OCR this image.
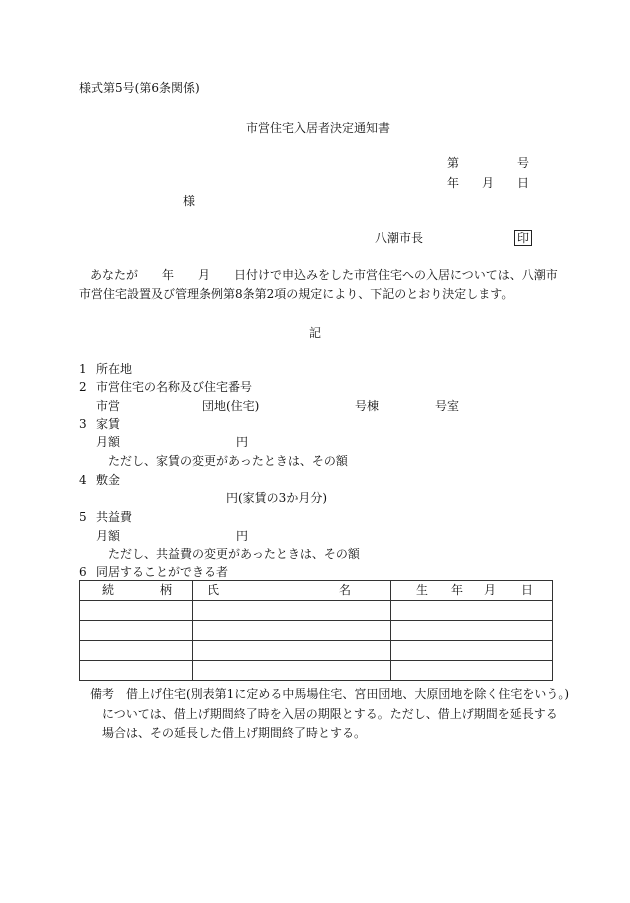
様式第5号(第6条関係)
市営住宅入居者決定通知書
第	号
年 月 日
様
八潮市長	印
あなたが 年 月 日付けで申込みをした市営住宅への入居については、八潮市
市営住宅設置及び管理条例第8条第2項の規定により、下記のとおり決定します。
記
1 所在地
2 市営住宅の名称及び住宅番号
市営	団地(住宅)	号棟	号室
3 家賃
月額	円
ただし、家賃の変更があったときは、その額
4 敷金
円(家賃の3か月分)
5 共益費
月額	円
ただし、共益費の変更があったときは、その額
6 同居することができる者
続 柄	氏 名	生 年 月 日

備考 借上げ住宅(別表第1に定める中馬場住宅、宮田団地、大原団地を除く住宅をいう。)
については、借上げ期間終了時を入居の期限とする。ただし、借上げ期間を延長する
場合は、その延長した借上げ期間終了時とする。
